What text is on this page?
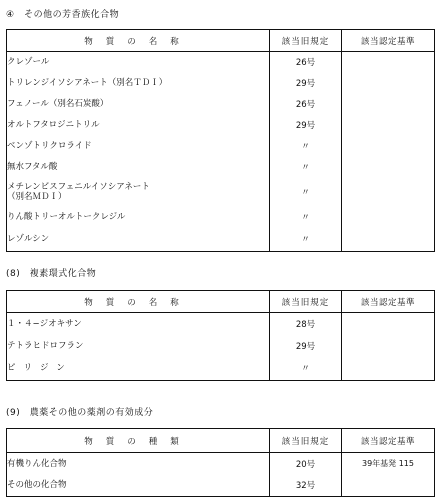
④　その他の芳香族化合物
物質の名称	該当旧規定	該当認定基準
クレゾール	26号	
トリレンジイソシアネート（別名ＴＤＩ）	29号	
フェノール（別名石炭酸）	26号	
オルトフタロジニトリル	29号	
ベンゾトリクロライド	〃	
無水フタル酸	〃	
メチレンビスフェニルイソシアネート
（別名ＭＤＩ）	〃	
りん酸トリーオルトークレジル	〃	
レゾルシン	〃	
(8)　複素環式化合物
物質の名称	該当旧規定	該当認定基準
１・４−ジオキサン	28号	
テトラヒドロフラン	29号	
ピリジン	〃	
(9)　農薬その他の薬剤の有効成分
物質の種類	該当旧規定	該当認定基準
有機りん化合物	20号	39年基発 115
その他の化合物	32号	
